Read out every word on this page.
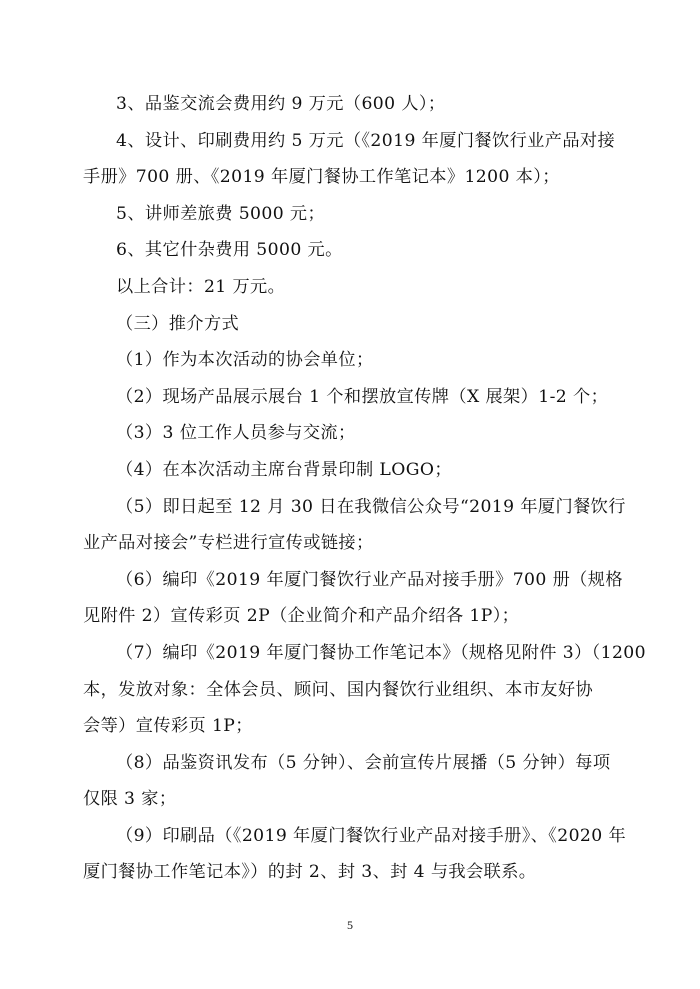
3、品鉴交流会费用约 9 万元（600 人）；
4、设计、印刷费用约 5 万元（《2019 年厦门餐饮行业产品对接
手册》700 册、《2019 年厦门餐协工作笔记本》1200 本）；
5、讲师差旅费 5000 元；
6、其它什杂费用 5000 元。
以上合计：21 万元。
（三）推介方式
（1）作为本次活动的协会单位；
（2）现场产品展示展台 1 个和摆放宣传牌（X 展架）1-2 个；
（3）3 位工作人员参与交流；
（4）在本次活动主席台背景印制 LOGO；
（5）即日起至 12 月 30 日在我微信公众号“2019 年厦门餐饮行
业产品对接会”专栏进行宣传或链接；
（6）编印《2019 年厦门餐饮行业产品对接手册》700 册（规格
见附件 2）宣传彩页 2P（企业简介和产品介绍各 1P）；
（7）编印《2019 年厦门餐协工作笔记本》（规格见附件 3）（1200
本，发放对象：全体会员、顾问、国内餐饮行业组织、本市友好协
会等）宣传彩页 1P；
（8）品鉴资讯发布（5 分钟）、会前宣传片展播（5 分钟）每项
仅限 3 家；
（9）印刷品（《2019 年厦门餐饮行业产品对接手册》、《2020 年
厦门餐协工作笔记本》）的封 2、封 3、封 4 与我会联系。
5
